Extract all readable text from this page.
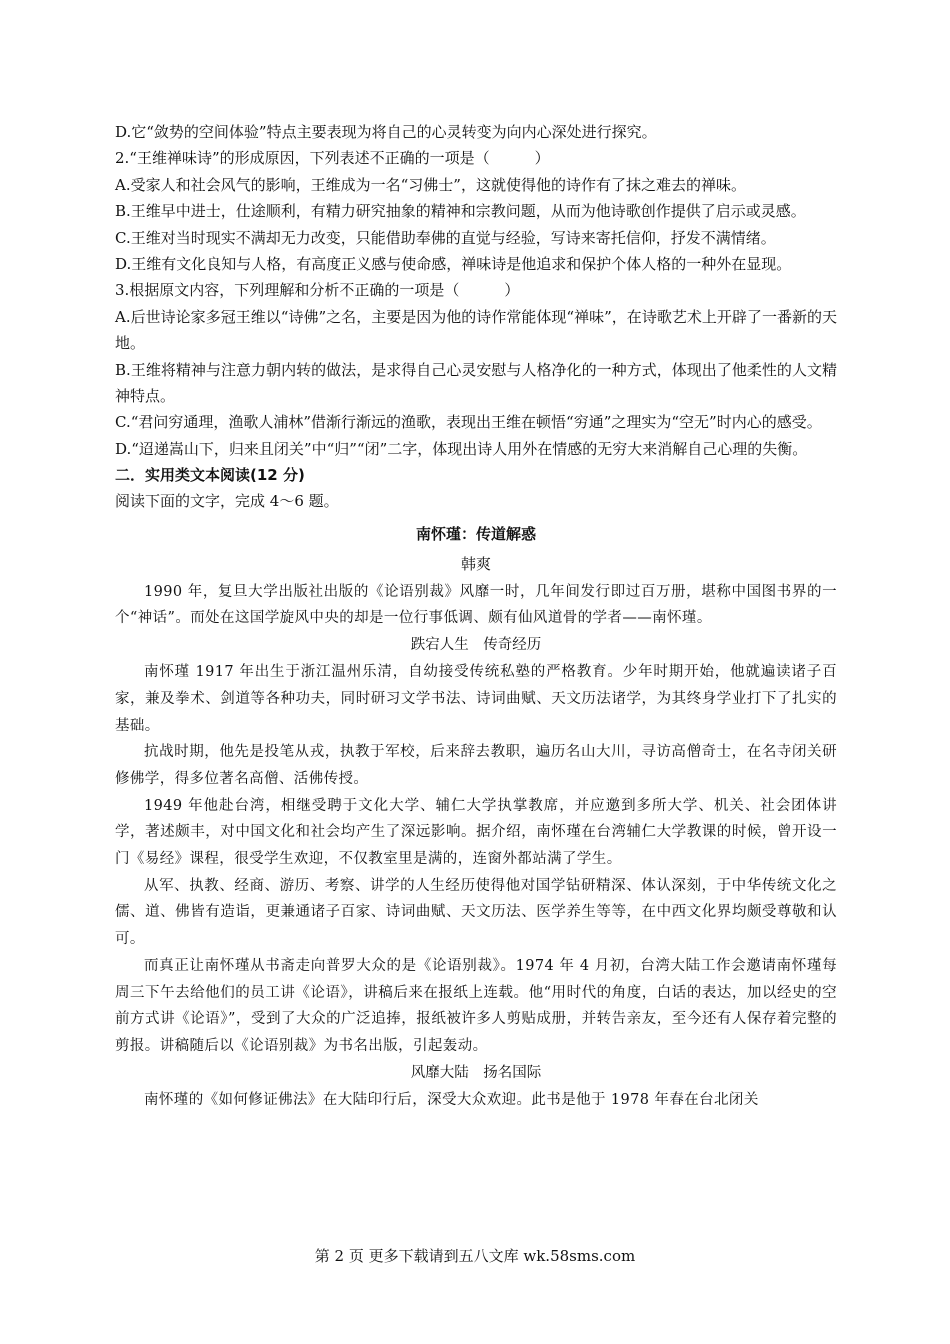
D.它“敛势的空间体验”特点主要表现为将自己的心灵转变为向内心深处进行探究。

2.“王维禅味诗”的形成原因，下列表述不正确的一项是（　　　）

A.受家人和社会风气的影响，王维成为一名“习佛士”，这就使得他的诗作有了抹之难去的禅味。

B.王维早中进士，仕途顺利，有精力研究抽象的精神和宗教问题，从而为他诗歌创作提供了启示或灵感。

C.王维对当时现实不满却无力改变，只能借助奉佛的直觉与经验，写诗来寄托信仰，抒发不满情绪。

D.王维有文化良知与人格，有高度正义感与使命感，禅味诗是他追求和保护个体人格的一种外在显现。

3.根据原文内容，下列理解和分析不正确的一项是（　　　）

A.后世诗论家多冠王维以“诗佛”之名，主要是因为他的诗作常能体现“禅味”，在诗歌艺术上开辟了一番新的天地。

B.王维将精神与注意力朝内转的做法，是求得自己心灵安慰与人格净化的一种方式，体现出了他柔性的人文精神特点。

C.“君问穷通理，渔歌人浦林”借渐行渐远的渔歌，表现出王维在顿悟“穷通”之理实为“空无”时内心的感受。

D.“迢递嵩山下，归来且闭关”中“归”“闭”二字，体现出诗人用外在情感的无穷大来消解自己心理的失衡。

二．实用类文本阅读(12 分)

阅读下面的文字，完成 4～6 题。

南怀瑾：传道解惑

韩爽

1990 年，复旦大学出版社出版的《论语别裁》风靡一时，几年间发行即过百万册，堪称中国图书界的一个“神话”。而处在这国学旋风中央的却是一位行事低调、颇有仙风道骨的学者——南怀瑾。

跌宕人生　传奇经历

南怀瑾 1917 年出生于浙江温州乐清，自幼接受传统私塾的严格教育。少年时期开始，他就遍读诸子百家，兼及拳术、剑道等各种功夫，同时研习文学书法、诗词曲赋、天文历法诸学，为其终身学业打下了扎实的基础。

抗战时期，他先是投笔从戎，执教于军校，后来辞去教职，遍历名山大川，寻访高僧奇士，在名寺闭关研修佛学，得多位著名高僧、活佛传授。

1949 年他赴台湾，相继受聘于文化大学、辅仁大学执掌教席，并应邀到多所大学、机关、社会团体讲学，著述颇丰，对中国文化和社会均产生了深远影响。据介绍，南怀瑾在台湾辅仁大学教课的时候，曾开设一门《易经》课程，很受学生欢迎，不仅教室里是满的，连窗外都站满了学生。

从军、执教、经商、游历、考察、讲学的人生经历使得他对国学钻研精深、体认深刻，于中华传统文化之儒、道、佛皆有造诣，更兼通诸子百家、诗词曲赋、天文历法、医学养生等等，在中西文化界均颇受尊敬和认可。

而真正让南怀瑾从书斋走向普罗大众的是《论语别裁》。1974 年 4 月初，台湾大陆工作会邀请南怀瑾每周三下午去给他们的员工讲《论语》，讲稿后来在报纸上连载。他“用时代的角度，白话的表达，加以经史的空前方式讲《论语》”，受到了大众的广泛追捧，报纸被许多人剪贴成册，并转告亲友，至今还有人保存着完整的剪报。讲稿随后以《论语别裁》为书名出版，引起轰动。

风靡大陆　扬名国际

南怀瑾的《如何修证佛法》在大陆印行后，深受大众欢迎。此书是他于 1978 年春在台北闭关

第 2 页 更多下载请到五八文库 wk.58sms.com
